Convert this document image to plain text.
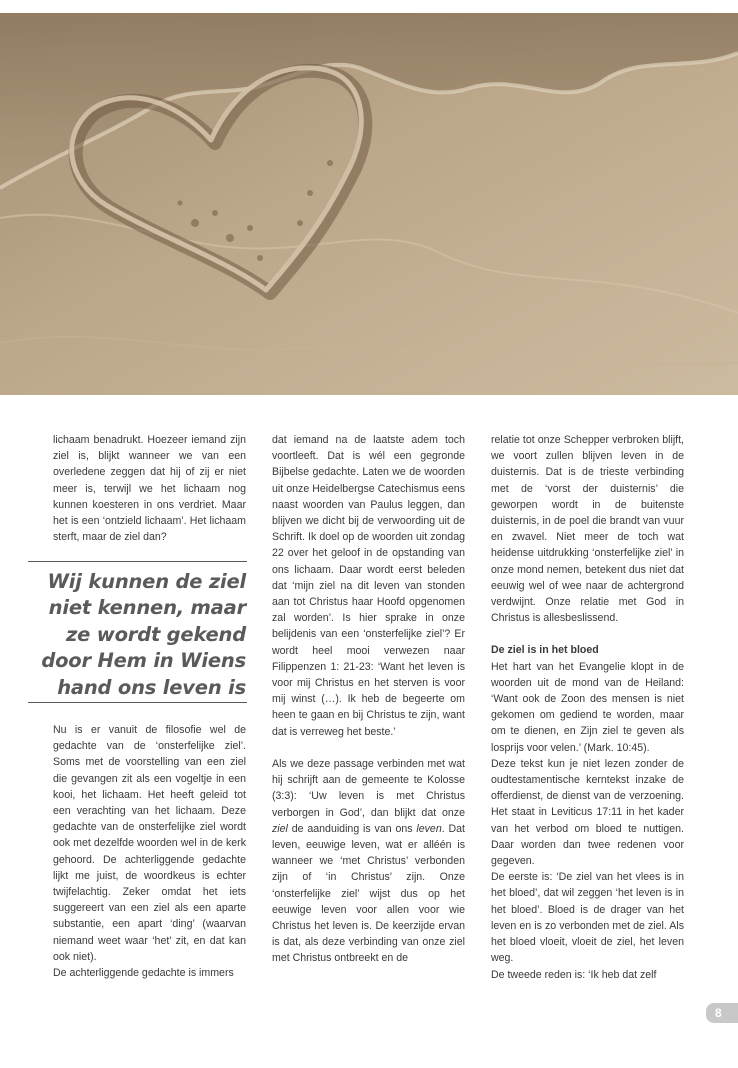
lichaam benadrukt. Hoezeer iemand zijn ziel is, blijkt wanneer we van een overledene zeggen dat hij of zij er niet meer is, terwijl we het lichaam nog kunnen koesteren in ons verdriet. Maar het is een ‘ontzield lichaam’. Het lichaam sterft, maar de ziel dan?

Wij kunnen de ziel niet kennen, maar ze wordt gekend door Hem in Wiens hand ons leven is

Nu is er vanuit de filosofie wel de gedachte van de ‘onsterfelijke ziel’. Soms met de voorstelling van een ziel die gevangen zit als een vogeltje in een kooi, het lichaam. Het heeft geleid tot een verachting van het lichaam. Deze gedachte van de onsterfelijke ziel wordt ook met dezelfde woorden wel in de kerk gehoord. De achterliggende gedachte lijkt me juist, de woordkeus is echter twijfelachtig. Zeker omdat het iets suggereert van een ziel als een aparte substantie, een apart ‘ding’ (waarvan niemand weet waar ‘het’ zit, en dat kan ook niet).

De achterliggende gedachte is immers

dat iemand na de laatste adem toch voortleeft. Dat is wél een gegronde Bijbelse gedachte. Laten we de woorden uit onze Heidelbergse Catechismus eens naast woorden van Paulus leggen, dan blijven we dicht bij de verwoording uit de Schrift. Ik doel op de woorden uit zondag 22 over het geloof in de opstanding van ons lichaam. Daar wordt eerst beleden dat ‘mijn ziel na dit leven van stonden aan tot Christus haar Hoofd opgenomen zal worden’. Is hier sprake in onze belijdenis van een ‘onsterfelijke ziel’? Er wordt heel mooi verwezen naar Filippenzen 1: 21-23: ‘Want het leven is voor mij Christus en het sterven is voor mij winst (…). Ik heb de begeerte om heen te gaan en bij Christus te zijn, want dat is verreweg het beste.’

Als we deze passage verbinden met wat hij schrijft aan de gemeente te Kolosse (3:3): ‘Uw leven is met Christus verborgen in God’, dan blijkt dat onze ziel de aanduiding is van ons leven. Dat leven, eeuwige leven, wat er alléén is wanneer we ‘met Christus’ verbonden zijn of ‘in Christus’ zijn. Onze ‘onsterfelijke ziel’ wijst dus op het eeuwige leven voor allen voor wie Christus het leven is. De keerzijde ervan is dat, als deze verbinding van onze ziel met Christus ontbreekt en de

relatie tot onze Schepper verbroken blijft, we voort zullen blijven leven in de duisternis. Dat is de trieste verbinding met de ‘vorst der duisternis’ die geworpen wordt in de buitenste duisternis, in de poel die brandt van vuur en zwavel. Niet meer de toch wat heidense uitdrukking ‘onsterfelijke ziel’ in onze mond nemen, betekent dus niet dat eeuwig wel of wee naar de achtergrond verdwijnt. Onze relatie met God in Christus is allesbeslissend.

De ziel is in het bloed

Het hart van het Evangelie klopt in de woorden uit de mond van de Heiland: ‘Want ook de Zoon des mensen is niet gekomen om gediend te worden, maar om te dienen, en Zijn ziel te geven als losprijs voor velen.’ (Mark. 10:45).

Deze tekst kun je niet lezen zonder de oudtestamentische kerntekst inzake de offerdienst, de dienst van de verzoening. Het staat in Leviticus 17:11 in het kader van het verbod om bloed te nuttigen. Daar worden dan twee redenen voor gegeven.

De eerste is: ‘De ziel van het vlees is in het bloed’, dat wil zeggen ‘het leven is in het bloed’. Bloed is de drager van het leven en is zo verbonden met de ziel. Als het bloed vloeit, vloeit de ziel, het leven weg.

De tweede reden is: ‘Ik heb dat zelf

8
